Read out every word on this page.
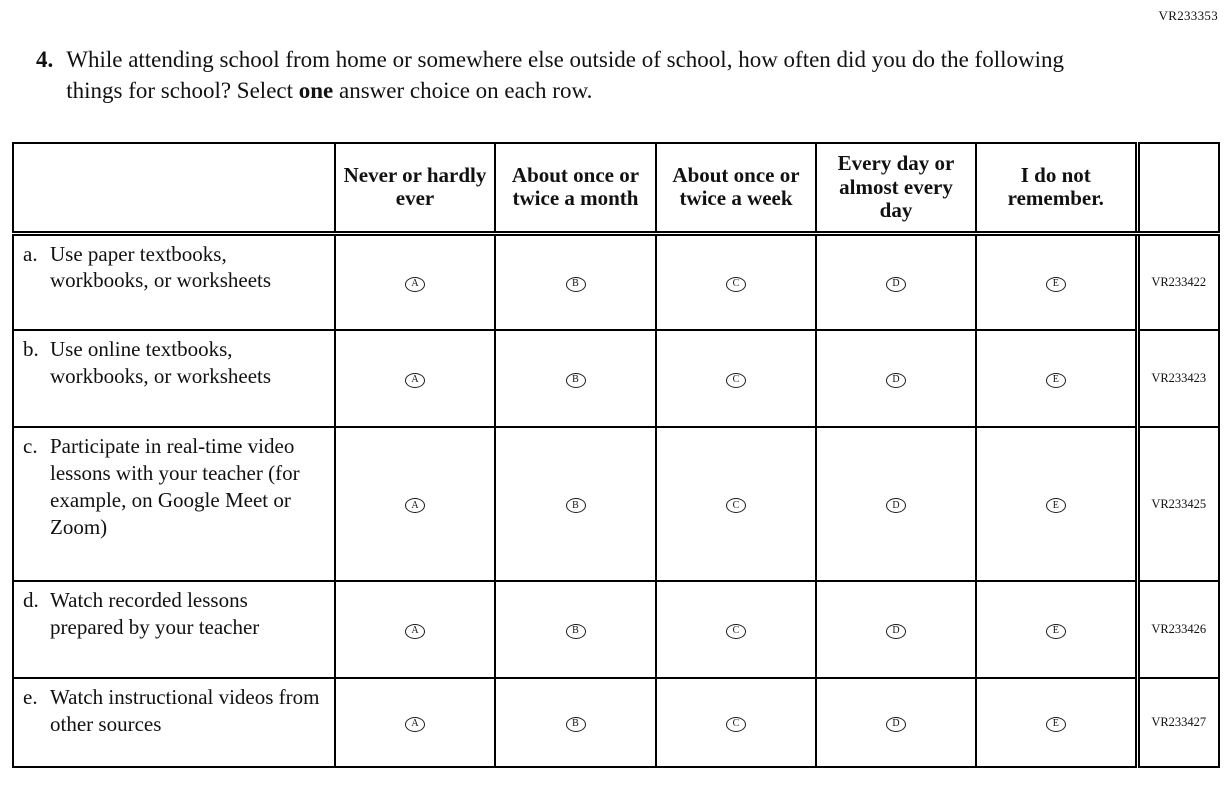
VR233353
4. While attending school from home or somewhere else outside of school, how often did you do the following things for school? Select one answer choice on each row.
	Never or hardly ever	About once or twice a month	About once or twice a week	Every day or almost every day	I do not remember.	

a. Use paper textbooks, workbooks, or worksheets	A	B	C	D	E	VR233422

b. Use online textbooks, workbooks, or worksheets	A	B	C	D	E	VR233423

c. Participate in real-time video lessons with your teacher (for example, on Google Meet or Zoom)	A	B	C	D	E	VR233425

d. Watch recorded lessons prepared by your teacher	A	B	C	D	E	VR233426

e. Watch instructional videos from other sources	A	B	C	D	E	VR233427
